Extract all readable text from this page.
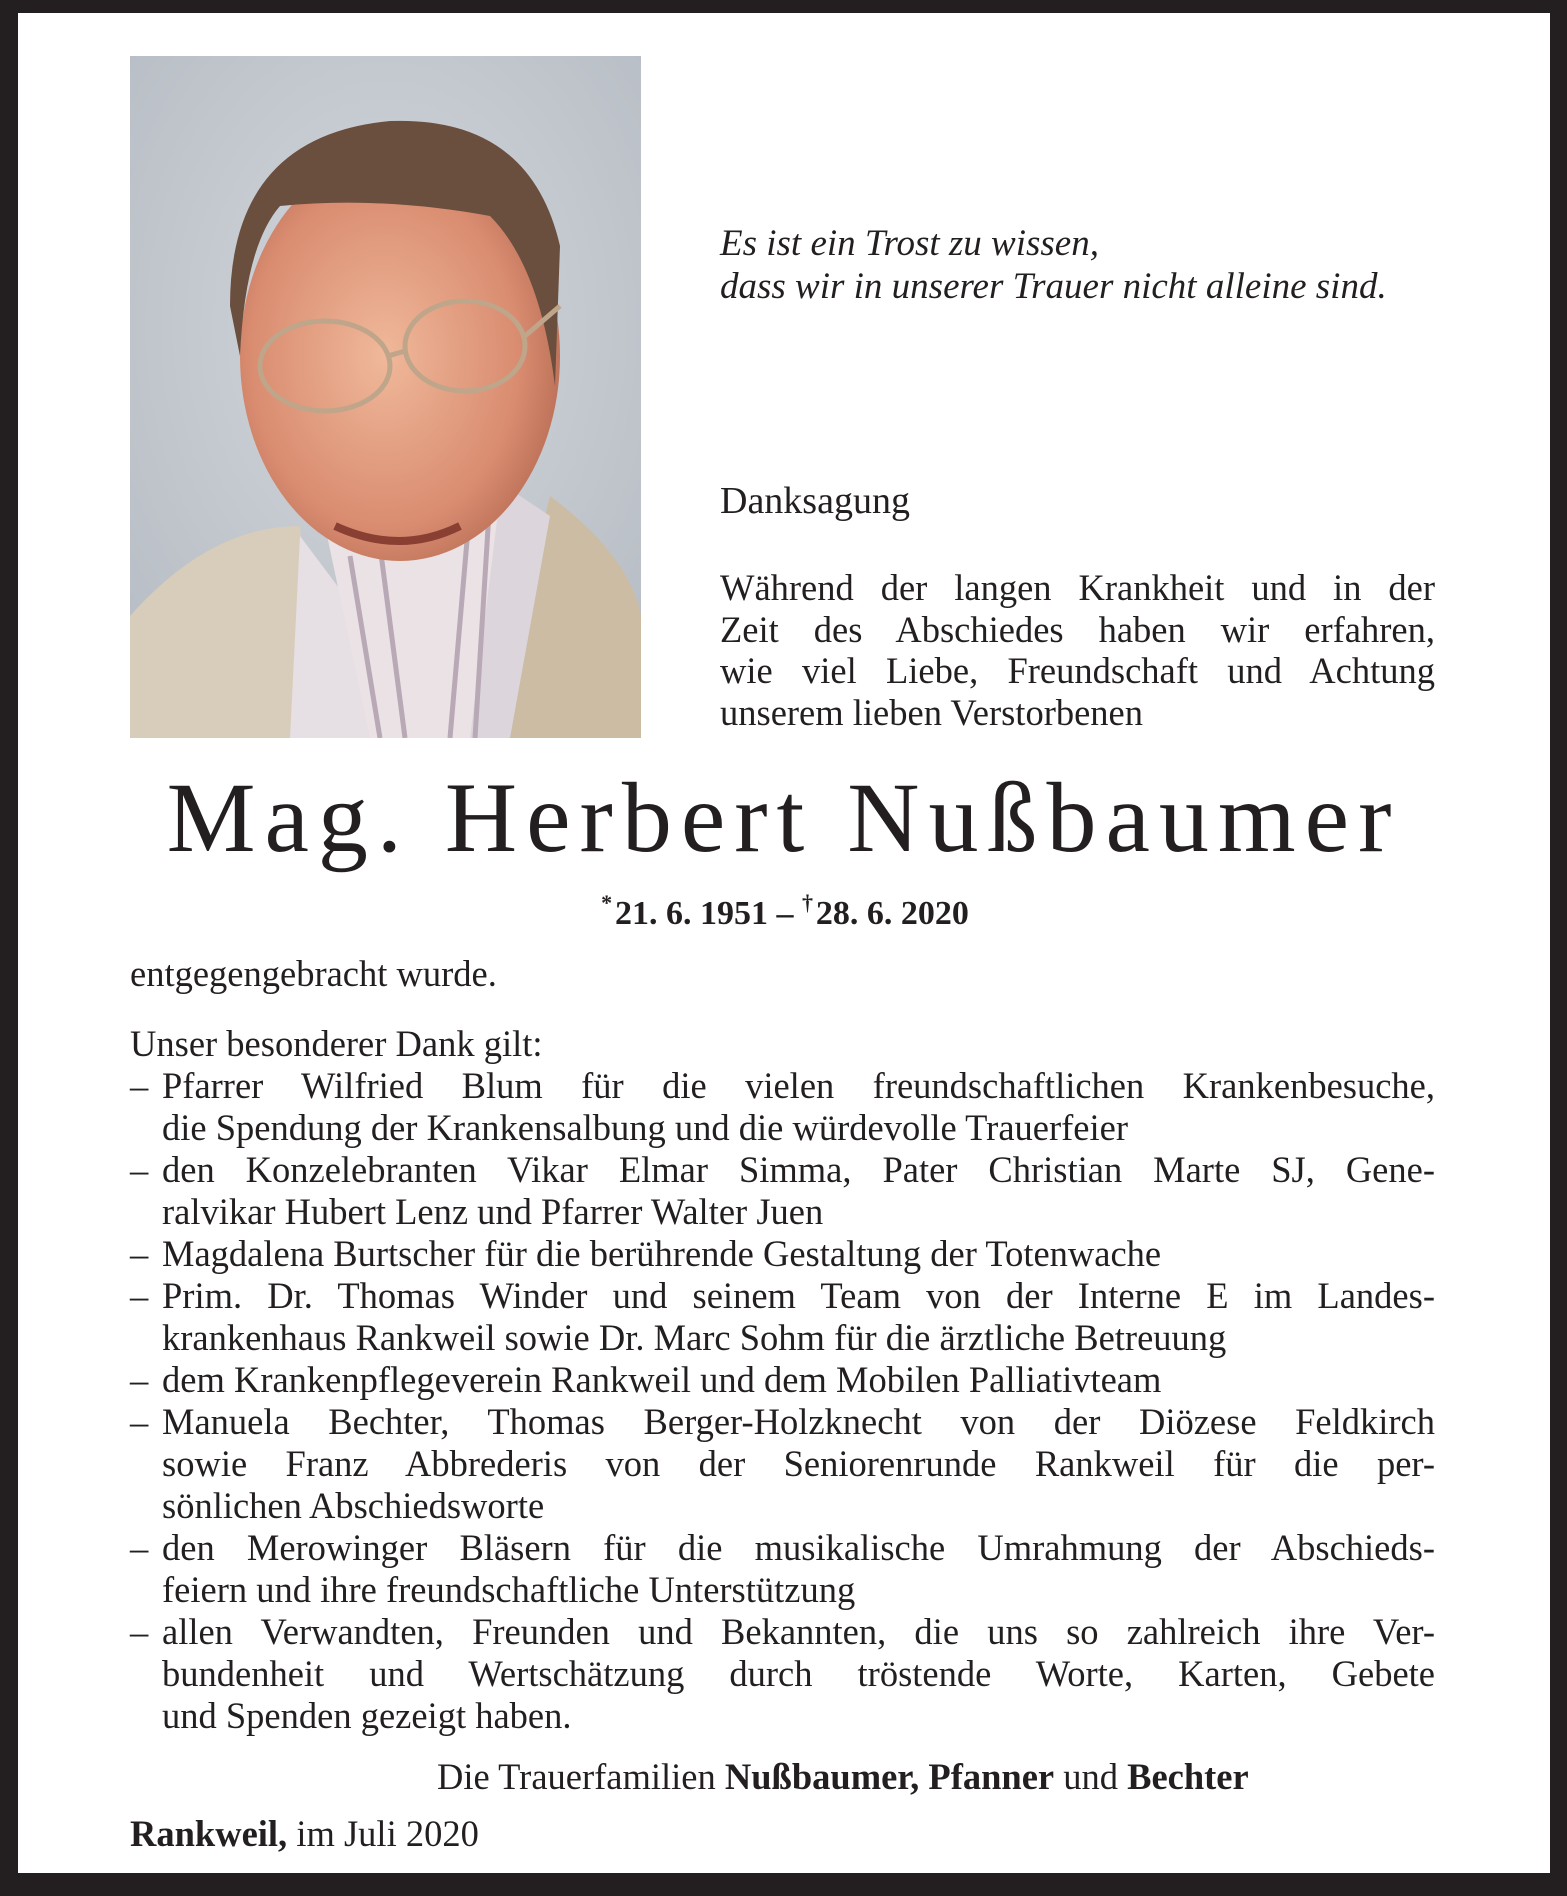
Es ist ein Trost zu wissen,
dass wir in unserer Trauer nicht alleine sind.
Danksagung
Während der langen Krankheit und in der
Zeit des Abschiedes haben wir erfahren,
wie viel Liebe, Freundschaft und Achtung
unserem lieben Verstorbenen
Mag. Herbert Nußbaumer
* 21. 6. 1951 – † 28. 6. 2020
entgegengebracht wurde.
Unser besonderer Dank gilt:
– Pfarrer Wilfried Blum für die vielen freundschaftlichen Krankenbesuche,
die Spendung der Krankensalbung und die würdevolle Trauerfeier
– den Konzelebranten Vikar Elmar Simma, Pater Christian Marte SJ, Gene-
ralvikar Hubert Lenz und Pfarrer Walter Juen
– Magdalena Burtscher für die berührende Gestaltung der Totenwache
– Prim. Dr. Thomas Winder und seinem Team von der Interne E im Landes-
krankenhaus Rankweil sowie Dr. Marc Sohm für die ärztliche Betreuung
– dem Krankenpflegeverein Rankweil und dem Mobilen Palliativteam
– Manuela Bechter, Thomas Berger-Holzknecht von der Diözese Feldkirch
sowie Franz Abbrederis von der Seniorenrunde Rankweil für die per-
sönlichen Abschiedsworte
– den Merowinger Bläsern für die musikalische Umrahmung der Abschieds-
feiern und ihre freundschaftliche Unterstützung
– allen Verwandten, Freunden und Bekannten, die uns so zahlreich ihre Ver-
bundenheit und Wertschätzung durch tröstende Worte, Karten, Gebete
und Spenden gezeigt haben.
Die Trauerfamilien Nußbaumer, Pfanner und Bechter
Rankweil, im Juli 2020
